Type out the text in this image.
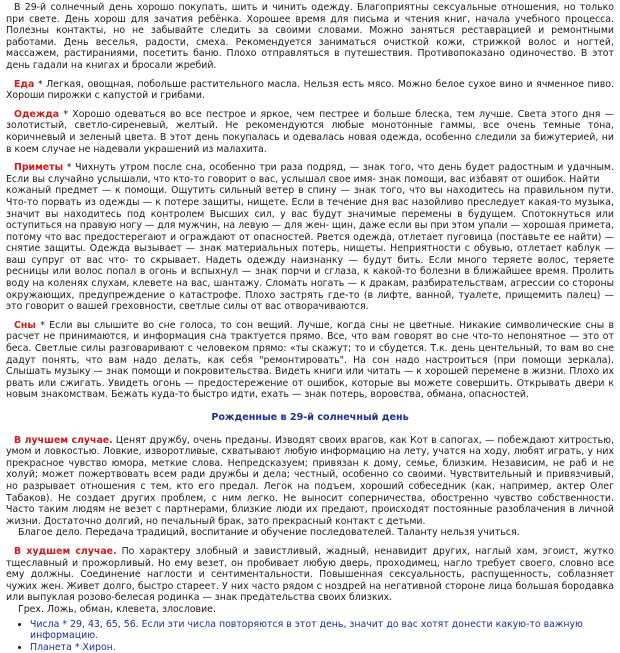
В 29-й солнечный день хорошо покупать, шить и чинить одежду. Благоприятны сексуальные отношения, но только при свете. День хорош для зачатия ребёнка. Хорошее время для письма и чтения книг, начала учебного процесса. Полезны контакты, но не забывайте следить за своими словами. Можно заняться реставрацией и ремонтными работами. День веселья, радости, смеха. Рекомендуется заниматься очисткой кожи, стрижкой волос и ногтей, массажем, растираниями, посетить баню. Плохо отправляться в путешествия. Противопоказано одиночество. В этот день гадали на книгах и бросали жребий.

Еда * Легкая, овощная, побольше растительного масла. Нельзя есть мясо. Можно белое сухое вино и ячменное пиво. Хороши пирожки с капустой и грибами.

Одежда * Хорошо одеваться во все пестрое и яркое, чем пестрее и больше блеска, тем лучше. Света этого дня — золотистый, светло-сиреневый, желтый. Не рекомендуются любые монотонные гаммы, все очень темные тона, коричневый и зеленый цвета. В этот день покупалась и одевалась новая одежда, особенно следили за бижутерией, ни в коем случае не надевали украшений из малахита.

Приметы * Чихнуть утром после сна, особенно три раза подряд, — знак того, что день будет радостным и удачным. Если вы случайно услышали, что кто-то говорит о вас, услышал свое имя- знак помощи, вас избавят от ошибок. Найти

кожаный предмет — к помощи. Ощутить сильный ветер в спину — знак того, что вы находитесь на правильном пути. Что-то порвать из одежды — к потере защиты, нищете. Если в течение дня вас назойливо преследует какая-то музыка, значит вы находитесь под контролем Высших сил, у вас будут значимые перемены в будущем. Спотокнуться или оступиться на правую ногу — для мужчин, на левую — для жен- щин, даже если вы при этом упали — хорошая примета, потому что вас предостерегают и ограждают от опасностей. Рвется одежда, отлетает пуговица (поставьте ее найти) — снятие защиты. Одежда вызывает — знак материальных потерь, нищеты. Неприятности с обувью, отлетает каблук — ваш супруг от вас что- то скрывает. Надеть одежду наизнанку — будут бить. Если много теряете волос, теряете ресницы или волос попал в огонь и вспыхнул — знак порчи и сглаза, к какой-то болезни в ближайшее время. Пролить воду на коленях слухам, клевете на вас, шантажу. Сломать ногать — к дракам, разбирательствам, агрессии со стороны окружающих, предупреждение о катастрофе. Плохо застрять где-то (в лифте, ванной, туалете, прищемить палец) — это говорит о вашей греховности, светлые силы от вас отворачиваются.

Сны * Если вы слышите во сне голоса, то сон вещий. Лучше, когда сны не цветные. Никакие символические сны в расчет не принимаются, и информация сна трактуется прямо. Все, что вам говорят во сне что-то непонятное — это от беса. Светлые силы разговаривают с человеком прямо: «ты скажут; то и сбудется. Т.к. день центельный, то вам во сне дадут понять, что вам надо делать, как себя "ремонтировать". На сон надо настроиться (при помощи зеркала). Слышать музыку — знак помощи и покровительства. Видеть книги или читать — к хорошей перемене в жизни. Плохо их рвать или сжигать. Увидеть огонь — предостережение от ошибок, которые вы можете совершить. Открывать двери к новым знакомствам. Бежать куда-то быстро идти, ехать — знак потерь, воровства, обмана, опасностей.

Рожденные в 29-й солнечный день

В лучшем случае. Ценят дружбу, очень преданы. Изводят своих врагов, как Кот в сапогах, — побеждают хитростью, умом и ловкостью. Ловкие, изворотливые, схватывают любую информацию на лету, учатся на ходу, любят играть, у них прекрасное чувство юмора, меткие слова. Непредсказуем; привязан к дому, семье, близким. Независим, не раб и не холуй; может пожертвовать всем ради дружбы и дела; честный, особенно со своими. Чувствительный и привязчивый, но разрывает отношения с тем, кто его предал. Легок на подъем, хороший собеседник (как, например, актер Олег Табаков). Не создает других проблем, с ним легко. Не выносит соперничества, обостренно чувство собственности. Часто таким людям не везет с партнерами, близкие люди их предают, происходят постоянные разоблачения в личной жизни. Достаточно долгий, но печальный брак, зато прекрасный контакт с детьми.

Благое дело. Передача традиций, воспитание и обучение последователей. Таланту нельзя учиться.

В худшем случае. По характеру злобный и завистливый, жадный, ненавидит других, наглый хам, эгоист, жутко тщеславный и прожорливый. Но ему везет, он пробивает любую дверь, проходимец, нагло требует своего, словно все ему должны. Соединение наглости и сентиментальности. Повышенная сексуальность, распущенность, соблазняет чужих жен. Живет долго, быстро стареет. У них часто рядом с ноздрей на негативной стороне лица большая бородавка или выпуклая розово-белесая родинка — знак предательства своих близких.

Грех. Ложь, обман, клевета, злословие.

• Числа * 29, 43, 65, 56. Если эти числа повторяются в этот день, значит до вас хотят донести какую-то важную информацию.
• Планета * Хирон.
